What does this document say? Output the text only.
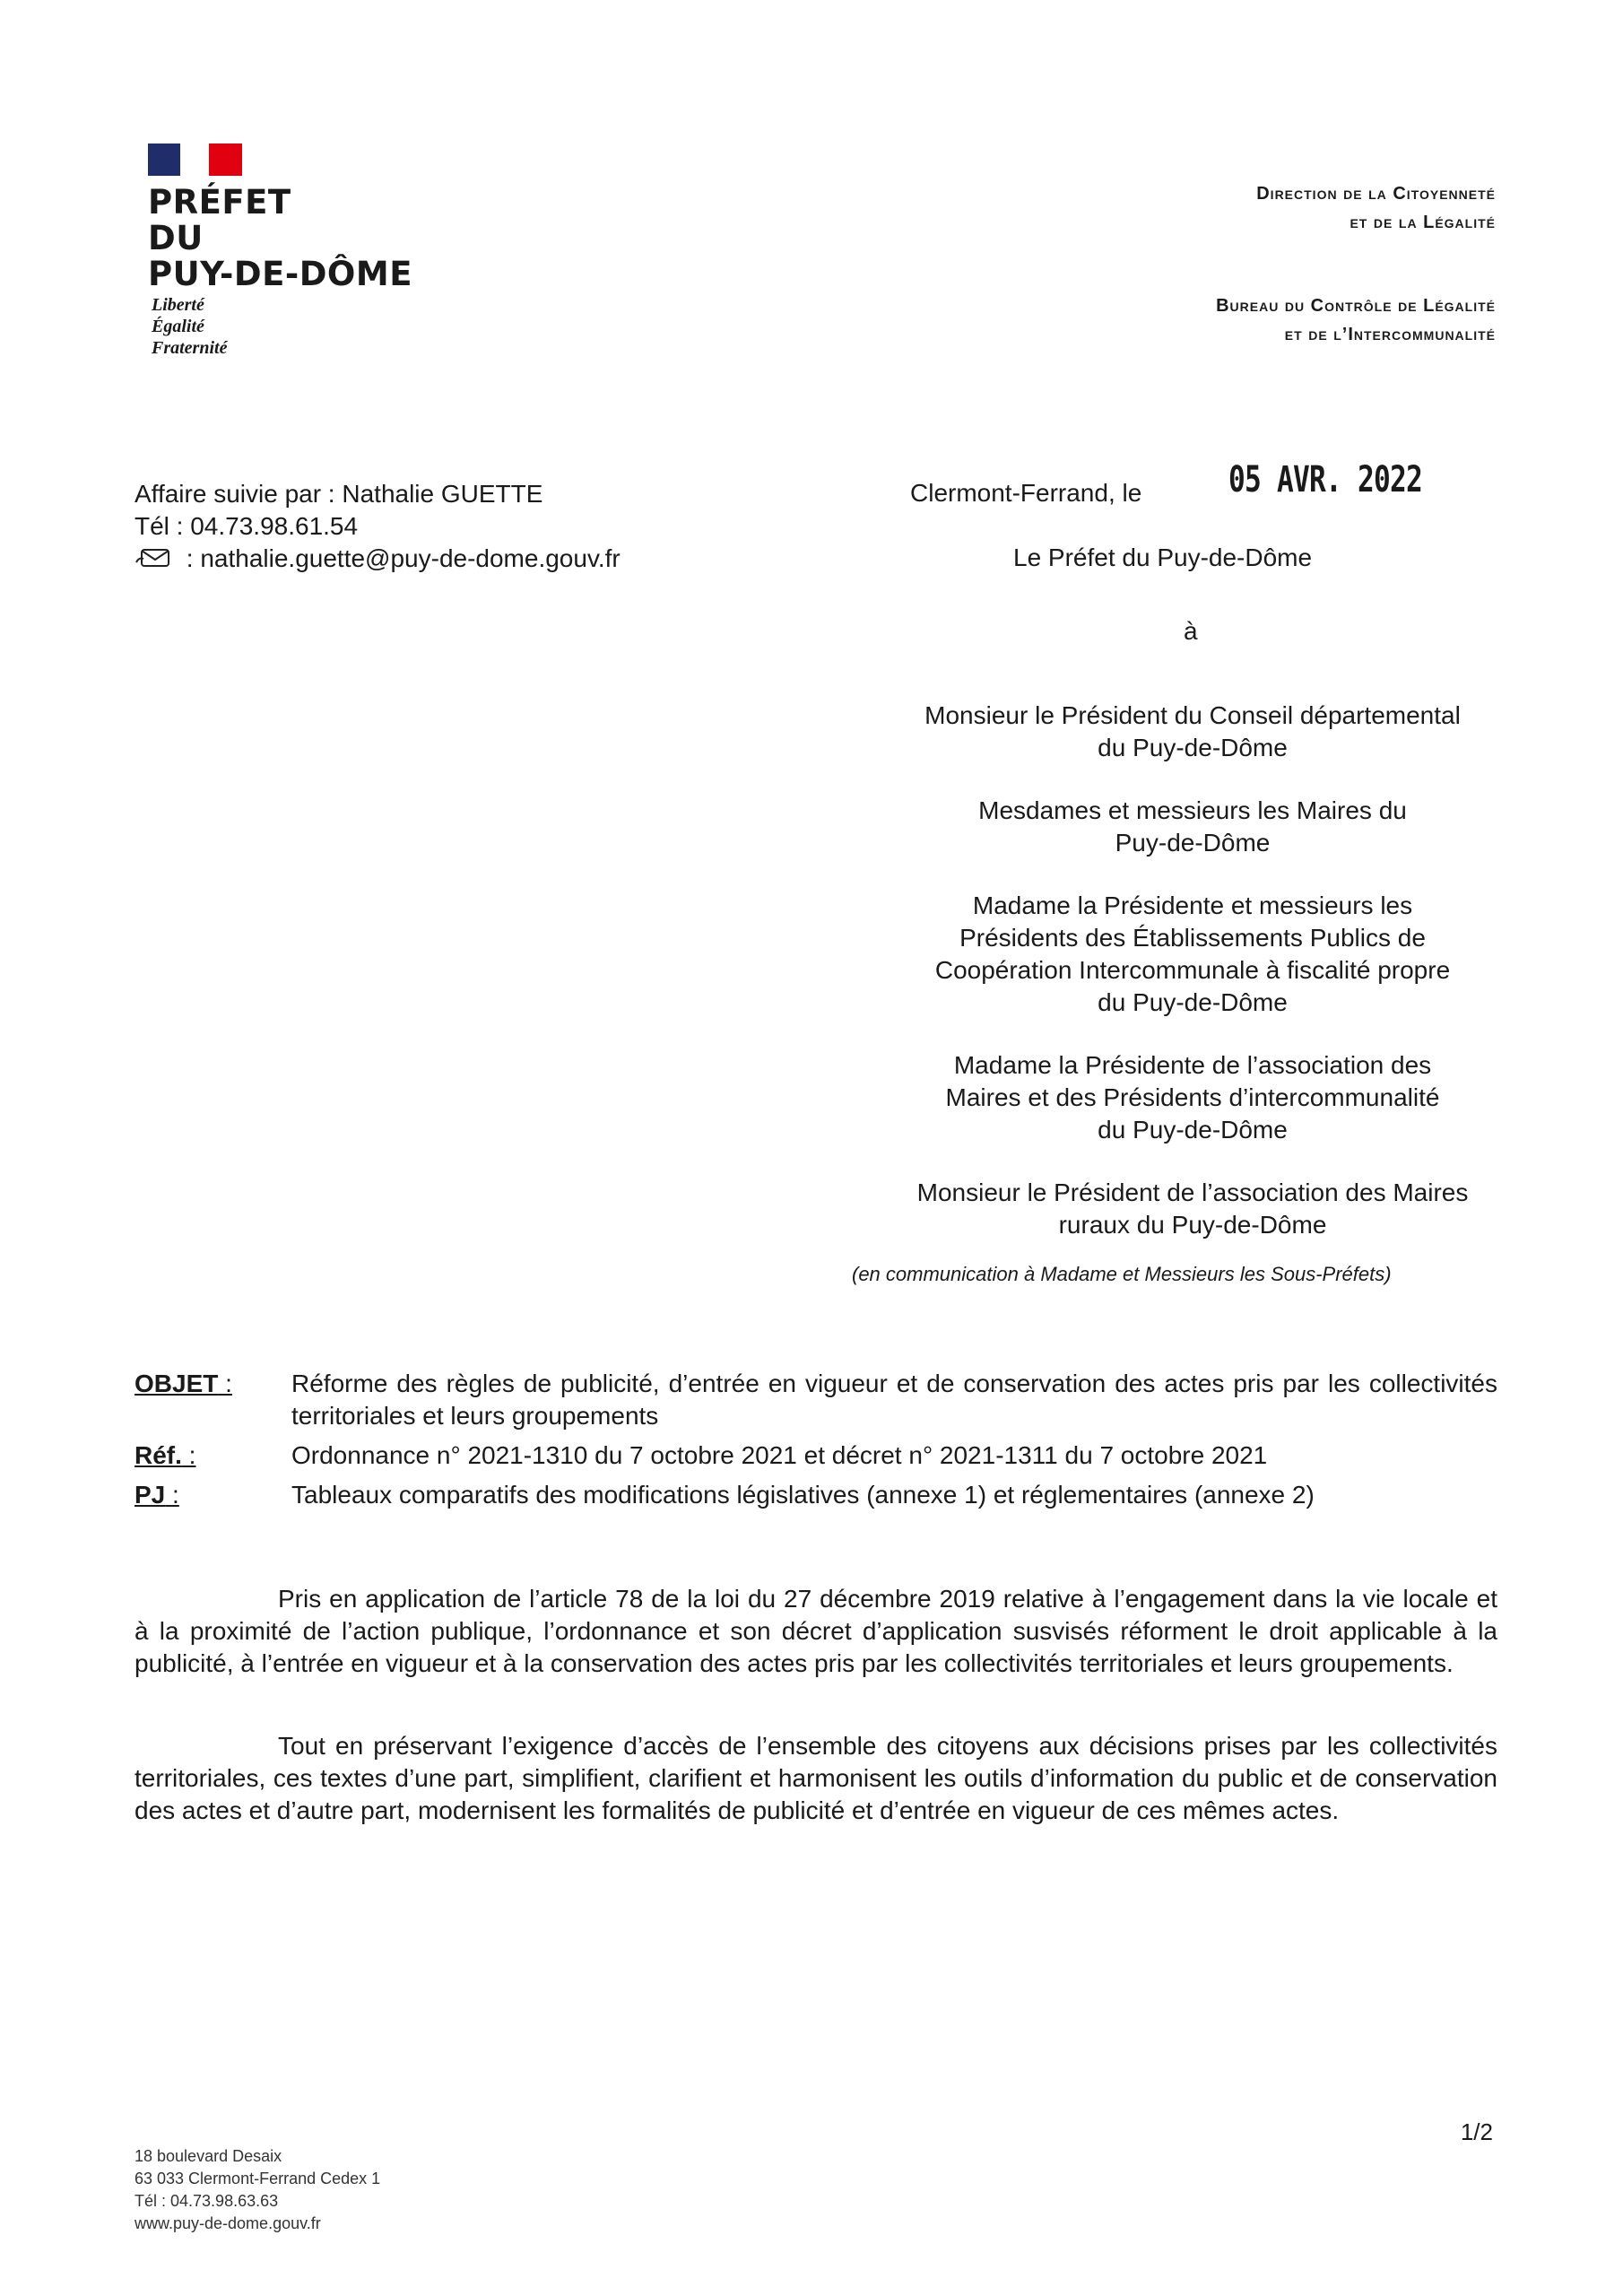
PRÉFET
DU
PUY-DE-DÔME
Liberté
Égalité
Fraternité
Direction de la Citoyenneté
et de la Légalité
Bureau du Contrôle de Légalité
et de l’Intercommunalité
Affaire suivie par : Nathalie GUETTE
Tél : 04.73.98.61.54
: nathalie.guette@puy-de-dome.gouv.fr
Clermont-Ferrand, le 05 AVR. 2022
Le Préfet du Puy-de-Dôme
à
Monsieur le Président du Conseil départemental
du Puy-de-Dôme
Mesdames et messieurs les Maires du
Puy-de-Dôme
Madame la Présidente et messieurs les
Présidents des Établissements Publics de
Coopération Intercommunale à fiscalité propre
du Puy-de-Dôme
Madame la Présidente de l’association des
Maires et des Présidents d’intercommunalité
du Puy-de-Dôme
Monsieur le Président de l’association des Maires
ruraux du Puy-de-Dôme
(en communication à Madame et Messieurs les Sous-Préfets)
OBJET :	Réforme des règles de publicité, d’entrée en vigueur et de conservation des actes pris par les collectivités territoriales et leurs groupements
Réf. :	Ordonnance n° 2021-1310 du 7 octobre 2021 et décret n° 2021-1311 du 7 octobre 2021
PJ :	Tableaux comparatifs des modifications législatives (annexe 1) et réglementaires (annexe 2)

Pris en application de l’article 78 de la loi du 27 décembre 2019 relative à l’engagement dans la vie locale et à la proximité de l’action publique, l’ordonnance et son décret d’application susvisés réforment le droit applicable à la publicité, à l’entrée en vigueur et à la conservation des actes pris par les collectivités territoriales et leurs groupements.

Tout en préservant l’exigence d’accès de l’ensemble des citoyens aux décisions prises par les collectivités territoriales, ces textes d’une part, simplifient, clarifient et harmonisent les outils d’information du public et de conservation des actes et d’autre part, modernisent les formalités de publicité et d’entrée en vigueur de ces mêmes actes.

1/2
18 boulevard Desaix
63 033 Clermont-Ferrand Cedex 1
Tél : 04.73.98.63.63
www.puy-de-dome.gouv.fr
